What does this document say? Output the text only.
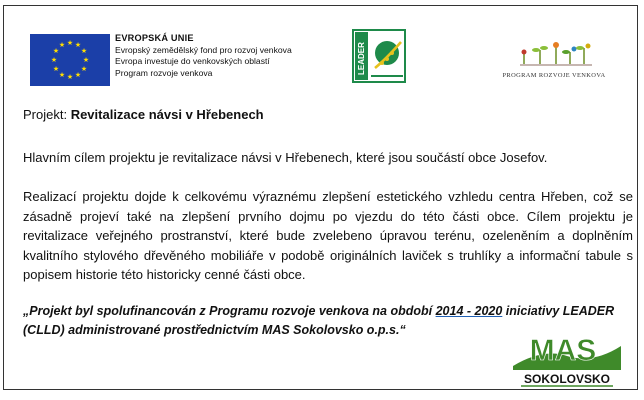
★ ★
★
★
★
★
★
★
★
★
★
★
EVROPSKÁ UNIE
Evropský zemědělský fond pro rozvoj venkova
Evropa investuje do venkovských oblastí
Program rozvoje venkova	LEADER
PROGRAM ROZVOJE VENKOVA
Projekt: Revitalizace návsi v Hřebenech
Hlavním cílem projektu je revitalizace návsi v Hřebenech, které jsou součástí obce Josefov.
Realizací projektu dojde k celkovému výraznému zlepšení estetického vzhledu centra Hřeben, což se zásadně projeví také na zlepšení prvního dojmu po vjezdu do této části obce. Cílem projektu je revitalizace veřejného prostranství, které bude zvelebeno úpravou terénu, ozeleněním a doplněním kvalitního stylového dřevěného mobiliáře v podobě originálních laviček s truhlíky a informační tabule s popisem historie této historicky cenné části obce.
„Projekt byl spolufinancován z Programu rozvoje venkova na období 2014 - 2020 iniciativy LEADER (CLLD) administrované prostřednictvím MAS Sokolovsko o.p.s.“
MAS
SOKOLOVSKO
